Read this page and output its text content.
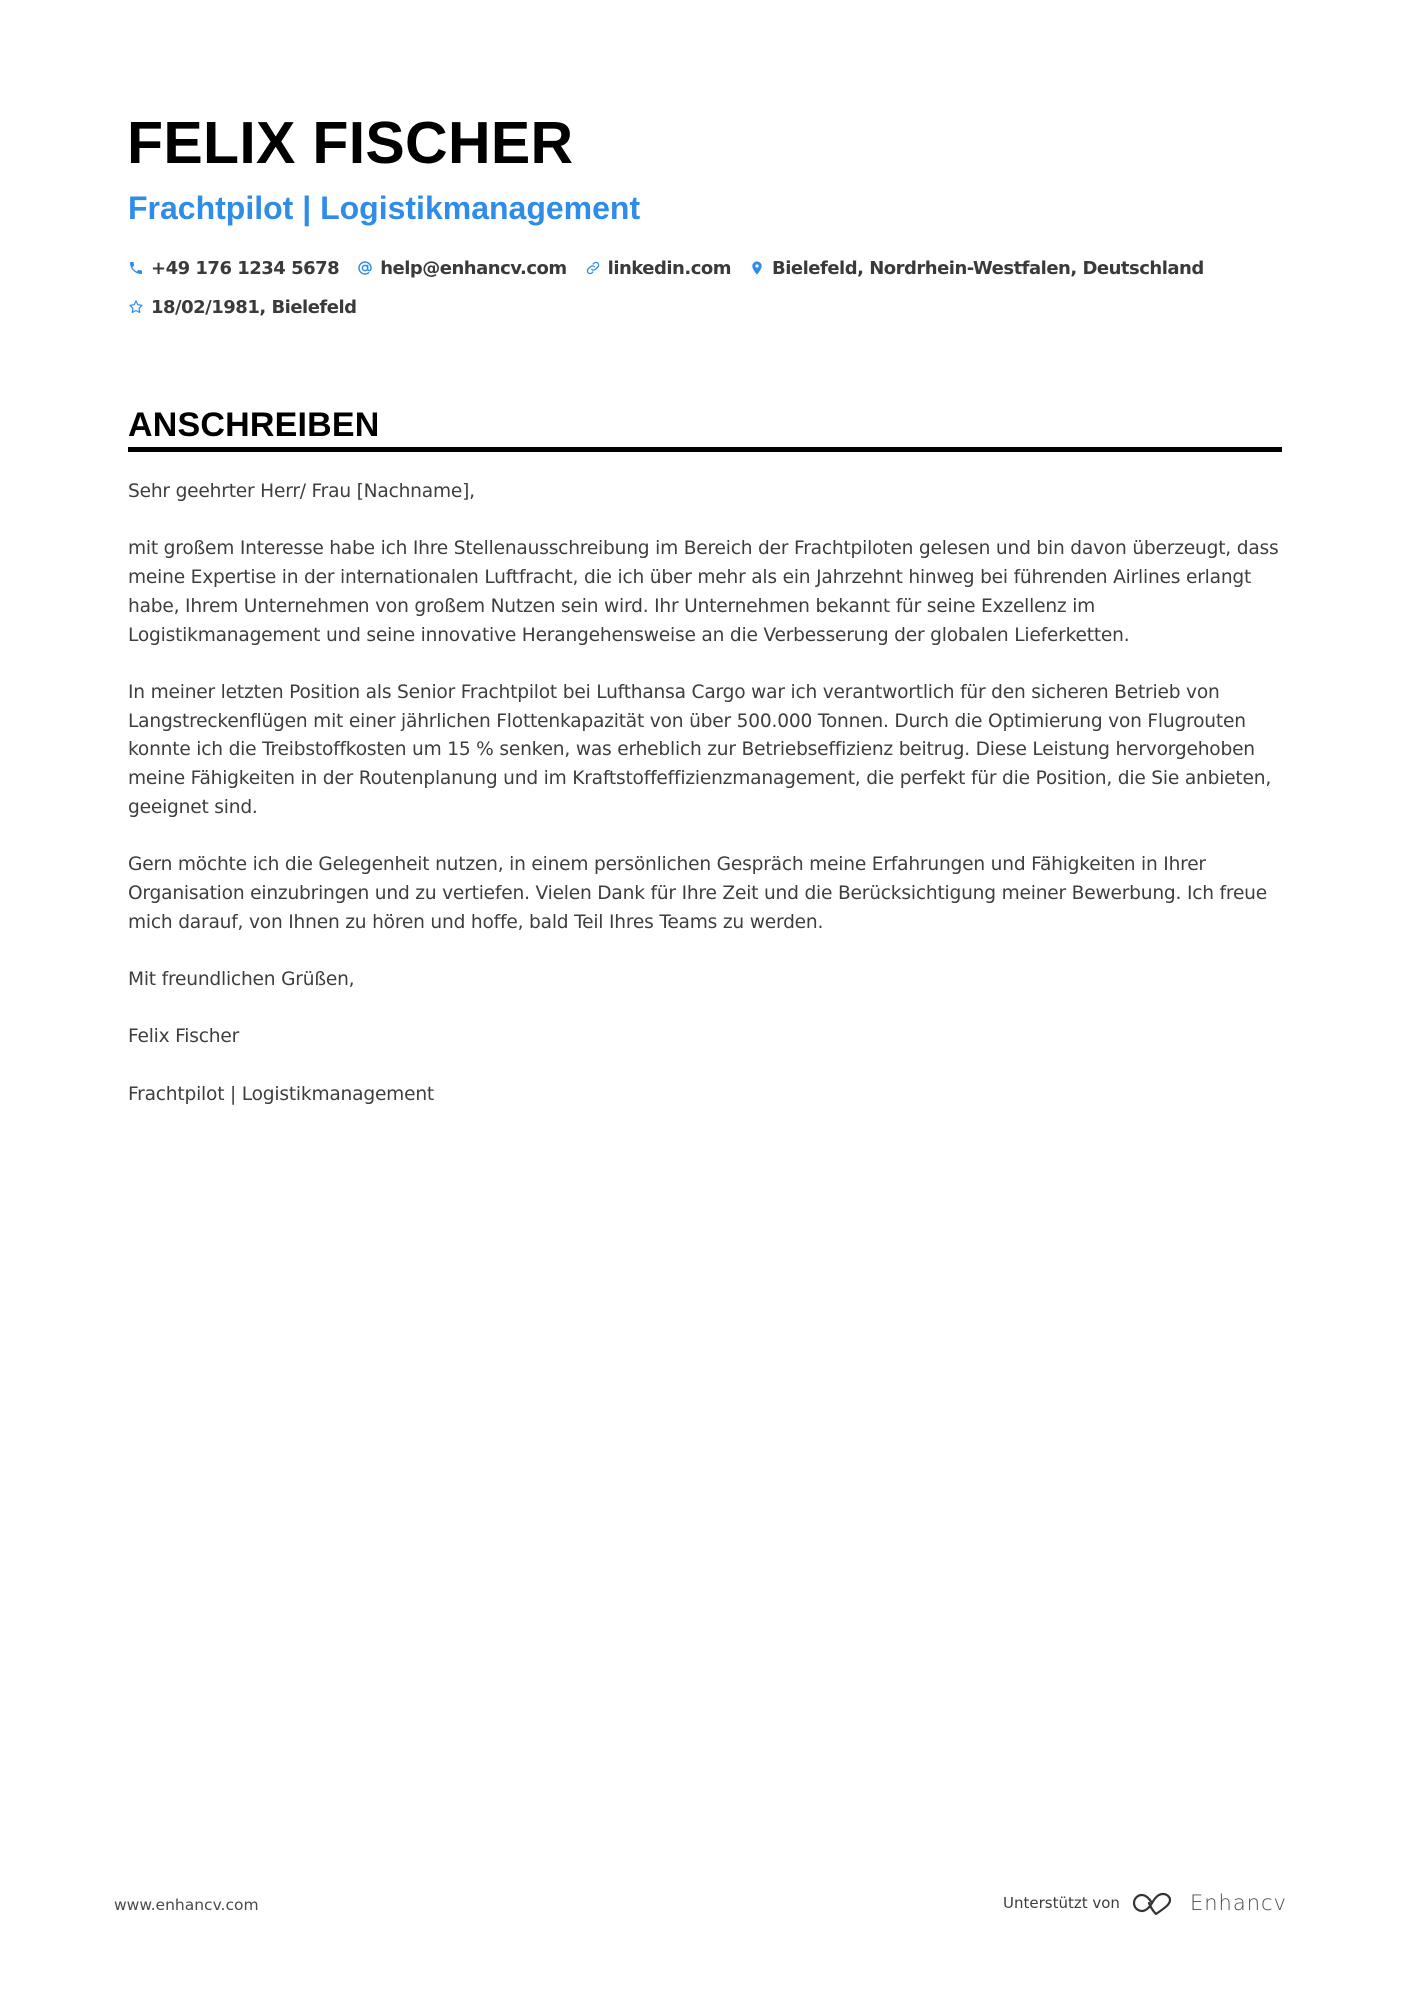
FELIX FISCHER
Frachtpilot | Logistikmanagement
+49 176 1234 5678 help@enhancv.com linkedin.com Bielefeld, Nordrhein-Westfalen, Deutschland
18/02/1981, Bielefeld
ANSCHREIBEN

Sehr geehrter Herr/ Frau [Nachname],

mit großem Interesse habe ich Ihre Stellenausschreibung im Bereich der Frachtpiloten gelesen und bin davon überzeugt, dass meine Expertise in der internationalen Luftfracht, die ich über mehr als ein Jahrzehnt hinweg bei führenden Airlines erlangt habe, Ihrem Unternehmen von großem Nutzen sein wird. Ihr Unternehmen bekannt für seine Exzellenz im Logistikmanagement und seine innovative Herangehensweise an die Verbesserung der globalen Lieferketten.

In meiner letzten Position als Senior Frachtpilot bei Lufthansa Cargo war ich verantwortlich für den sicheren Betrieb von Langstreckenflügen mit einer jährlichen Flottenkapazität von über 500.000 Tonnen. Durch die Optimierung von Flugrouten konnte ich die Treibstoffkosten um 15 % senken, was erheblich zur Betriebseffizienz beitrug. Diese Leistung hervorgehoben meine Fähigkeiten in der Routenplanung und im Kraftstoffeffizienzmanagement, die perfekt für die Position, die Sie anbieten, geeignet sind.

Gern möchte ich die Gelegenheit nutzen, in einem persönlichen Gespräch meine Erfahrungen und Fähigkeiten in Ihrer Organisation einzubringen und zu vertiefen. Vielen Dank für Ihre Zeit und die Berücksichtigung meiner Bewerbung. Ich freue mich darauf, von Ihnen zu hören und hoffe, bald Teil Ihres Teams zu werden.

Mit freundlichen Grüßen,

Felix Fischer

Frachtpilot | Logistikmanagement

www.enhancv.com	Unterstützt von	Enhancv
